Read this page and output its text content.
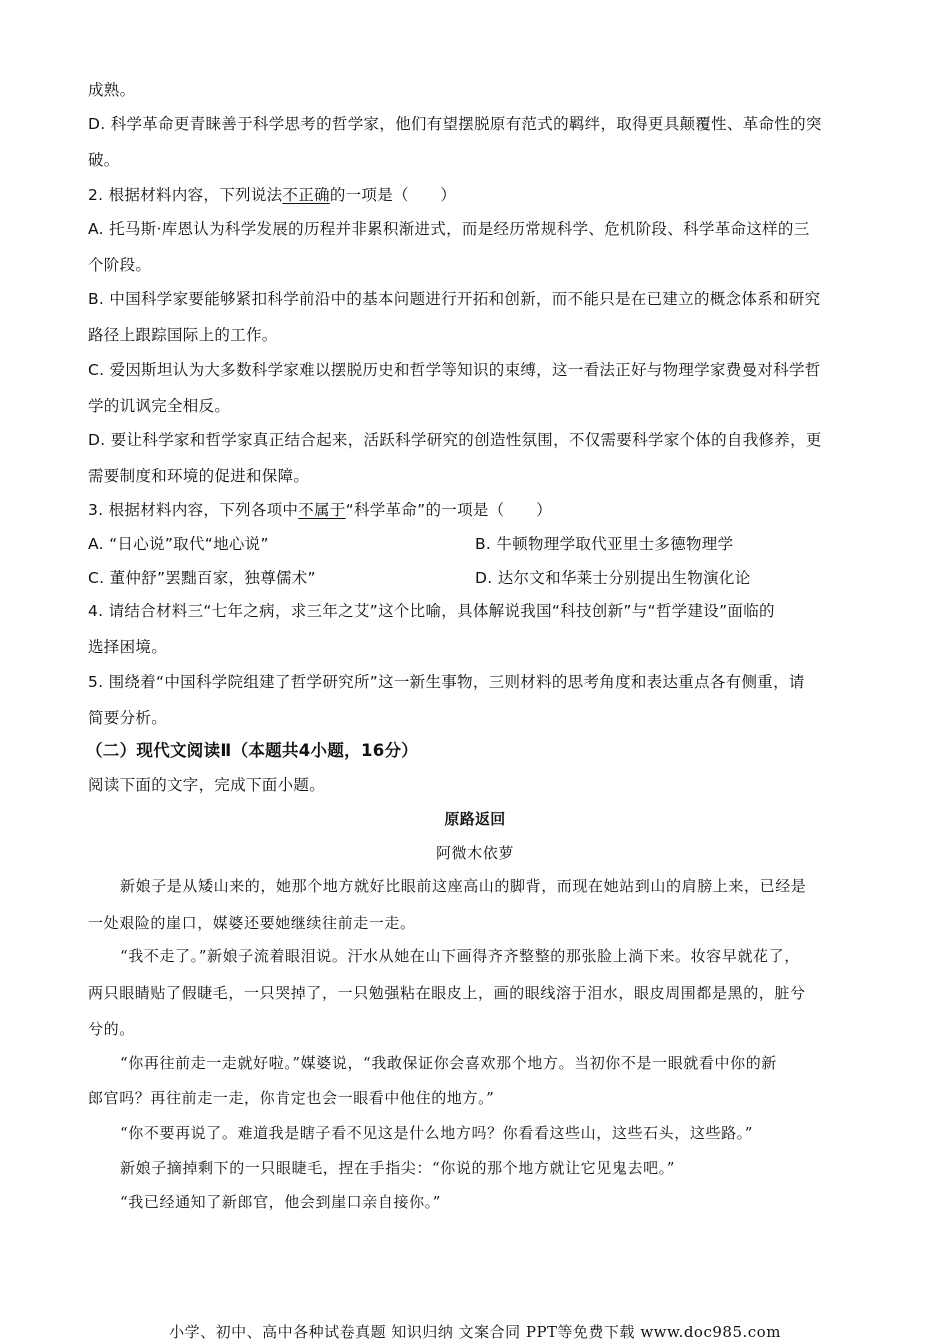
成熟。
D. 科学革命更青睐善于科学思考的哲学家，他们有望摆脱原有范式的羁绊，取得更具颠覆性、革命性的突
破。
2. 根据材料内容，下列说法不正确的一项是（　　）
A. 托马斯·库恩认为科学发展的历程并非累积渐进式，而是经历常规科学、危机阶段、科学革命这样的三
个阶段。
B. 中国科学家要能够紧扣科学前沿中的基本问题进行开拓和创新，而不能只是在已建立的概念体系和研究
路径上跟踪国际上的工作。
C. 爱因斯坦认为大多数科学家难以摆脱历史和哲学等知识的束缚，这一看法正好与物理学家费曼对科学哲
学的讥讽完全相反。
D. 要让科学家和哲学家真正结合起来，活跃科学研究的创造性氛围，不仅需要科学家个体的自我修养，更
需要制度和环境的促进和保障。
3. 根据材料内容，下列各项中不属于“科学革命”的一项是（　　）
A. “日心说”取代“地心说”	B. 牛顿物理学取代亚里士多德物理学
C. 董仲舒”罢黜百家，独尊儒术”	D. 达尔文和华莱士分别提出生物演化论
4. 请结合材料三“七年之病，求三年之艾”这个比喻，具体解说我国“科技创新”与“哲学建设”面临的
选择困境。
5. 围绕着“中国科学院组建了哲学研究所”这一新生事物，三则材料的思考角度和表达重点各有侧重，请
简要分析。
（二）现代文阅读Ⅱ（本题共4小题，16分）
阅读下面的文字，完成下面小题。
原路返回
阿微木依萝
新娘子是从矮山来的，她那个地方就好比眼前这座高山的脚背，而现在她站到山的肩膀上来，已经是
一处艰险的崖口，媒婆还要她继续往前走一走。
“我不走了。”新娘子流着眼泪说。汗水从她在山下画得齐齐整整的那张脸上淌下来。妆容早就花了，
两只眼睛贴了假睫毛，一只哭掉了，一只勉强粘在眼皮上，画的眼线溶于泪水，眼皮周围都是黑的，脏兮
兮的。
“你再往前走一走就好啦。”媒婆说，“我敢保证你会喜欢那个地方。当初你不是一眼就看中你的新
郎官吗？再往前走一走，你肯定也会一眼看中他住的地方。”
“你不要再说了。难道我是瞎子看不见这是什么地方吗？你看看这些山，这些石头，这些路。”
新娘子摘掉剩下的一只眼睫毛，捏在手指尖：“你说的那个地方就让它见鬼去吧。”
“我已经通知了新郎官，他会到崖口亲自接你。”
小学、初中、高中各种试卷真题 知识归纳 文案合同 PPT等免费下载 www.doc985.com
